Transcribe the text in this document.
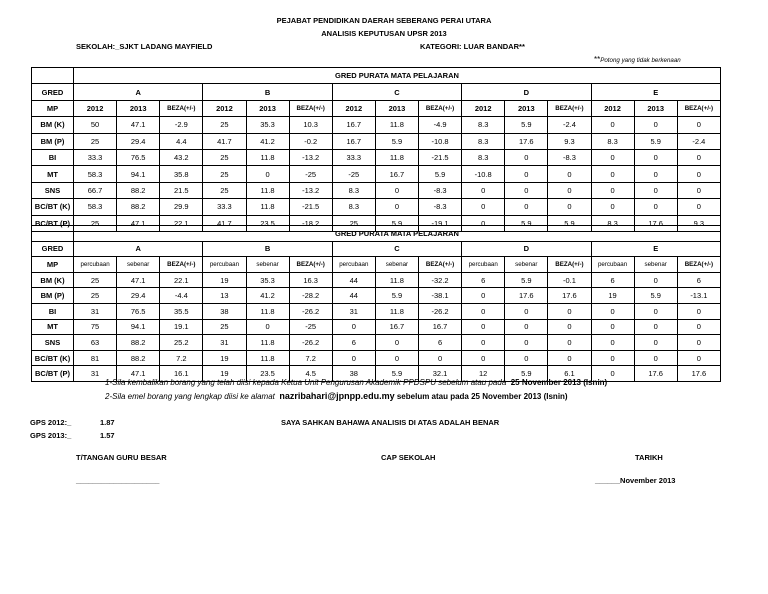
PEJABAT PENDIDIKAN DAERAH SEBERANG PERAI UTARA
ANALISIS KEPUTUSAN UPSR 2013
SEKOLAH:_SJKT LADANG MAYFIELD	KATEGORI: LUAR BANDAR**
**Potong yang tidak berkenaan
	GRED PURATA MATA PELAJARAN														
GRED	A			B			C			D			E		
MP	2012	2013	BEZA(+/-)	2012	2013	BEZA(+/-)	2012	2013	BEZA(+/-)	2012	2013	BEZA(+/-)	2012	2013	BEZA(+/-)
BM (K)	50	47.1	-2.9	25	35.3	10.3	16.7	11.8	-4.9	8.3	5.9	-2.4	0	0	0
BM (P)	25	29.4	4.4	41.7	41.2	-0.2	16.7	5.9	-10.8	8.3	17.6	9.3	8.3	5.9	-2.4
BI	33.3	76.5	43.2	25	11.8	-13.2	33.3	11.8	-21.5	8.3	0	-8.3	0	0	0
MT	58.3	94.1	35.8	25	0	-25	-25	16.7	5.9	-10.8	0	0	0	0	0
SNS	66.7	88.2	21.5	25	11.8	-13.2	8.3	0	-8.3	0	0	0	0	0	0
BC/BT (K)	58.3	88.2	29.9	33.3	11.8	-21.5	8.3	0	-8.3	0	0	0	0	0	0
BC/BT (P)	25	47.1	22.1	41.7	23.5	-18.2	25	5.9	-19.1	0	5.9	5.9	8.3	17.6	9.3
	GRED PURATA MATA PELAJARAN														
GRED	A			B			C			D			E		
MP	percubaan	sebenar	BEZA(+/-)	percubaan	sebenar	BEZA(+/-)	percubaan	sebenar	BEZA(+/-)	percubaan	sebenar	BEZA(+/-)	percubaan	sebenar	BEZA(+/-)
BM (K)	25	47.1	22.1	19	35.3	16.3	44	11.8	-32.2	6	5.9	-0.1	6	0	6
BM (P)	25	29.4	-4.4	13	41.2	-28.2	44	5.9	-38.1	0	17.6	17.6	19	5.9	-13.1
BI	31	76.5	35.5	38	11.8	-26.2	31	11.8	-26.2	0	0	0	0	0	0
MT	75	94.1	19.1	25	0	-25	0	16.7	16.7	0	0	0	0	0	0
SNS	63	88.2	25.2	31	11.8	-26.2	6	0	6	0	0	0	0	0	0
BC/BT (K)	81	88.2	7.2	19	11.8	7.2	0	0	0	0	0	0	0	0	0
BC/BT (P)	31	47.1	16.1	19	23.5	4.5	38	5.9	32.1	12	5.9	6.1	0	17.6	17.6
1-Sila kembalikan borang yang telah diisi kepada Ketua Unit Pengurusan Akademik PPDSPU sebelum atau pada 25 November 2013 (Isnin)
2-Sila emel borang yang lengkap diisi ke alamat nazribahari@jpnpp.edu.my sebelum atau pada 25 November 2013 (Isnin)
GPS 2012:_	1.87
GPS 2013:_	1.57
SAYA SAHKAN BAHAWA ANALISIS DI ATAS ADALAH BENAR
T/TANGAN GURU BESAR	CAP SEKOLAH	TARIKH
____________________	______November 2013
